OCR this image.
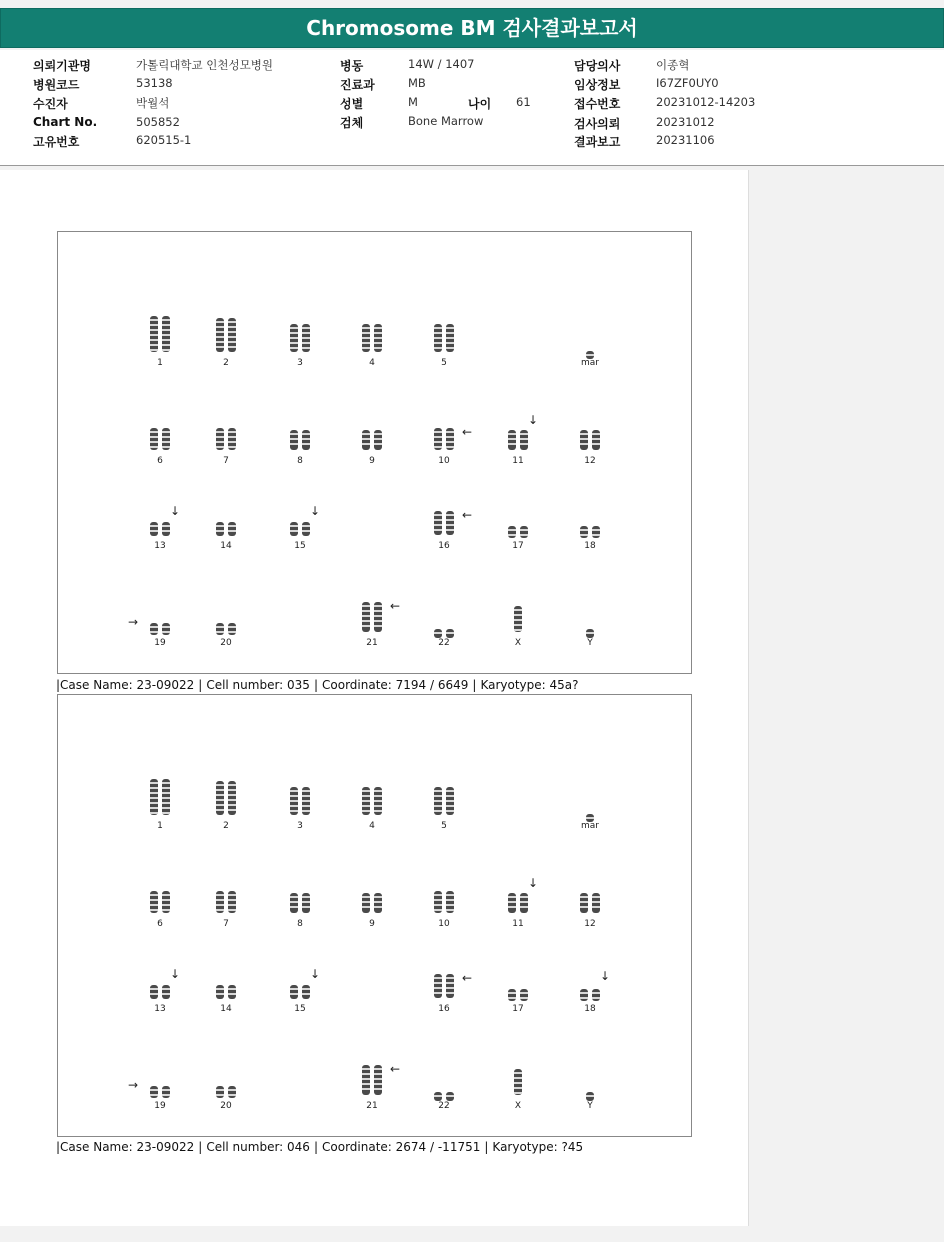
Chromosome BM 검사결과보고서
의뢰기관명	가톨릭대학교 인천성모병원
병원코드	53138
수진자	박월석
Chart No.	505852
고유번호	620515-1
병동	14W / 1407
진료과	MB
성별	M	나이 61
검체	Bone Marrow
담당의사	이종혁
임상정보	I67ZF0UY0
접수번호	20231012-14203
검사의뢰	20231012
결과보고	20231106
1	2	3	4	5	mar
6	7	8	9	10
←
11
↓
12
13
↓
14	15
↓
16
←
17	18
19
→
20	21
←
22	X	Y
|Case Name: 23-09022 | Cell number: 035 | Coordinate: 7194 / 6649 | Karyotype: 45a?
1	2	3	4	5	mar
6	7	8	9	10	11
↓
12
13
↓
14	15
↓
16
←
17	18
↓
19
→
20	21
←
22	X	Y
|Case Name: 23-09022 | Cell number: 046 | Coordinate: 2674 / -11751 | Karyotype: ?45
